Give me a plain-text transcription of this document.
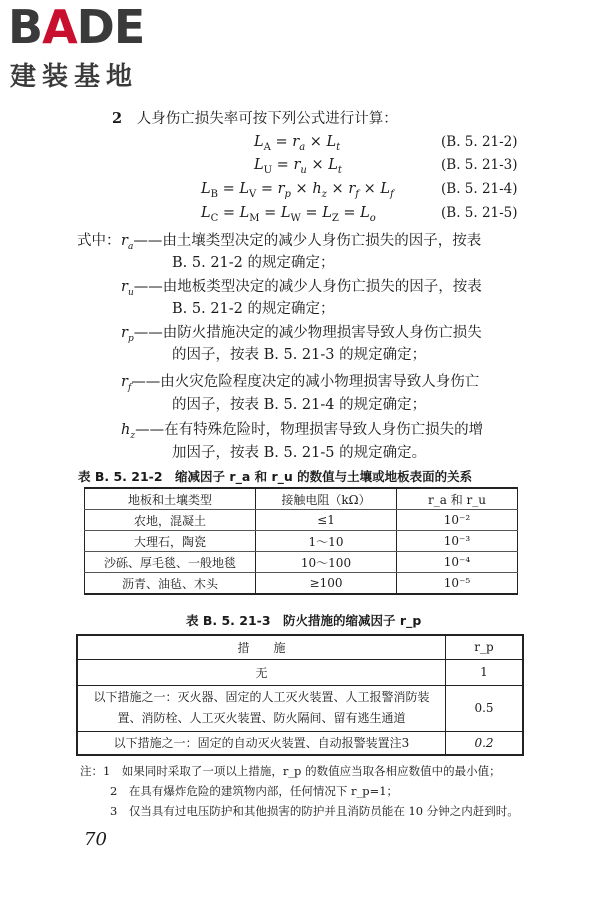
BADE
建装基地
2 人身伤亡损失率可按下列公式进行计算：
$L_A = r_a \times L_t$	(B. 5. 21-2)
$L_U = r_u \times L_t$	(B. 5. 21-3)
$L_B = L_V = r_p \times h_z \times r_f \times L_f$	(B. 5. 21-4)
$L_C = L_M = L_W = L_Z = L_o$	(B. 5. 21-5)
式中： $r_a——$由土壤类型决定的减少人身伤亡损失的因子，按表
B. 5. 21-2 的规定确定；
$r_u——$由地板类型决定的减少人身伤亡损失的因子，按表
B. 5. 21-2 的规定确定；
$r_p——$由防火措施决定的减少物理损害导致人身伤亡损失
的因子，按表 B. 5. 21-3 的规定确定；
$r_f——$由火灾危险程度决定的减小物理损害导致人身伤亡
的因子，按表 B. 5. 21-4 的规定确定；
$h_z——$在有特殊危险时，物理损害导致人身伤亡损失的增
加因子，按表 B. 5. 21-5 的规定确定。
表 B. 5. 21-2　缩减因子 r_a 和 r_u 的数值与土壤或地板表面的关系
地板和土壤类型	接触电阻（kΩ）	r_a 和 r_u
农地，混凝土	≤1	10⁻²
大理石，陶瓷	1～10	10⁻³
沙砾、厚毛毯、一般地毯	10～100	10⁻⁴
沥青、油毡、木头	≥100	10⁻⁵
表 B. 5. 21-3　防火措施的缩减因子 r_p
措　　施	r_p
无	1
以下措施之一：灭火器、固定的人工灭火装置、人工报警消防装置、消防栓、人工灭火装置、防火隔间、留有逃生通道	0.5
以下措施之一：固定的自动灭火装置、自动报警装置注3	0.2
注：1　如果同时采取了一项以上措施，r_p 的数值应当取各相应数值中的最小值；
2　在具有爆炸危险的建筑物内部，任何情况下 r_p=1；
3　仅当具有过电压防护和其他损害的防护并且消防员能在 10 分钟之内赶到时。
70
